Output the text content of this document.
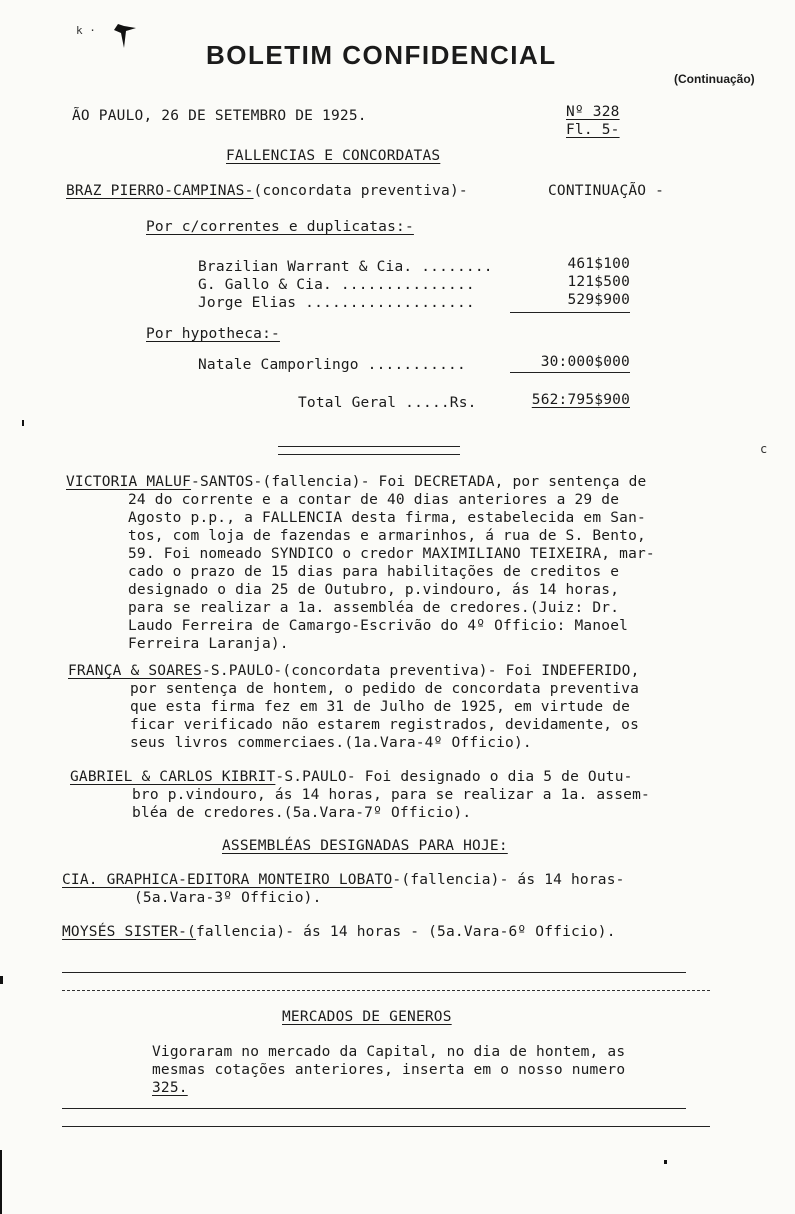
k ·
BOLETIM CONFIDENCIAL
(Continuação)
ÃO PAULO, 26 DE SETEMBRO DE 1925.	Nº 328
Fl. 5-
FALLENCIAS E CONCORDATAS
BRAZ PIERRO-CAMPINAS-(concordata preventiva)-	CONTINUAÇÃO -
Por c/correntes e duplicatas:-
Brazilian Warrant & Cia. ........	461$100
G. Gallo & Cia. ...............	121$500
Jorge Elias ...................	529$900
Por hypotheca:-
Natale Camporlingo ...........	30:000$000
Total Geral .....Rs.	562:795$900
c
VICTORIA MALUF-SANTOS-(fallencia)- Foi DECRETADA, por sentença de
24 do corrente e a contar de 40 dias anteriores a 29 de
Agosto p.p., a FALLENCIA desta firma, estabelecida em San-
tos, com loja de fazendas e armarinhos, á rua de S. Bento,
59. Foi nomeado SYNDICO o credor MAXIMILIANO TEIXEIRA, mar-
cado o prazo de 15 dias para habilitações de creditos e
designado o dia 25 de Outubro, p.vindouro, ás 14 horas,
para se realizar a 1a. assembléa de credores.(Juiz: Dr.
Laudo Ferreira de Camargo-Escrivão do 4º Officio: Manoel
Ferreira Laranja).
FRANÇA & SOARES-S.PAULO-(concordata preventiva)- Foi INDEFERIDO,
por sentença de hontem, o pedido de concordata preventiva
que esta firma fez em 31 de Julho de 1925, em virtude de
ficar verificado não estarem registrados, devidamente, os
seus livros commerciaes.(1a.Vara-4º Officio).
GABRIEL & CARLOS KIBRIT-S.PAULO- Foi designado o dia 5 de Outu-
bro p.vindouro, ás 14 horas, para se realizar a 1a. assem-
bléa de credores.(5a.Vara-7º Officio).
ASSEMBLÉAS DESIGNADAS PARA HOJE:
CIA. GRAPHICA-EDITORA MONTEIRO LOBATO-(fallencia)- ás 14 horas-
(5a.Vara-3º Officio).
MOYSÉS SISTER-(fallencia)- ás 14 horas - (5a.Vara-6º Officio).
MERCADOS DE GENEROS
Vigoraram no mercado da Capital, no dia de hontem, as
mesmas cotações anteriores, inserta em o nosso numero
325.
